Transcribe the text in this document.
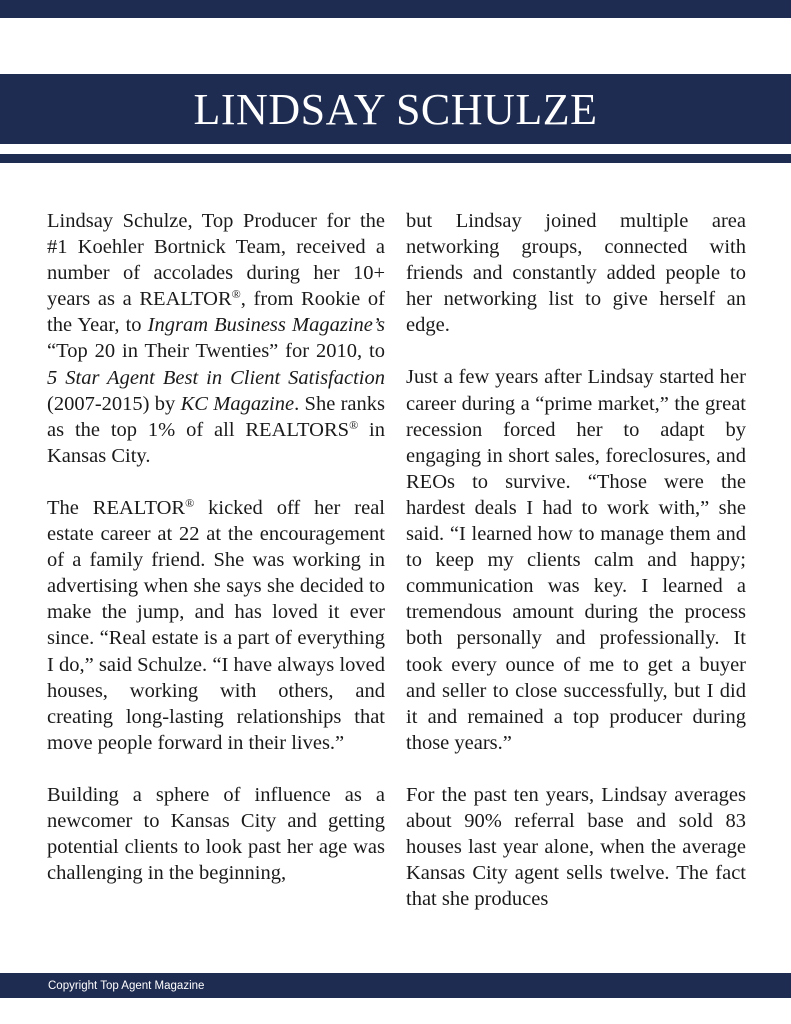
LINDSAY SCHULZE

Lindsay Schulze, Top Producer for the #1 Koehler Bortnick Team, received a number of accolades during her 10+ years as a REALTOR®, from Rookie of the Year, to Ingram Business Magazine’s “Top 20 in Their Twenties” for 2010, to 5 Star Agent Best in Client Satisfaction (2007-2015) by KC Magazine. She ranks as the top 1% of all REALTORS® in Kansas City.

The REALTOR® kicked off her real estate career at 22 at the encouragement of a family friend. She was working in advertising when she says she decided to make the jump, and has loved it ever since. “Real estate is a part of everything I do,” said Schulze. “I have always loved houses, working with others, and creating long-lasting relationships that move people forward in their lives.”

Building a sphere of influence as a newcomer to Kansas City and getting potential clients to look past her age was challenging in the beginning,

but Lindsay joined multiple area networking groups, connected with friends and constantly added people to her networking list to give herself an edge.

Just a few years after Lindsay started her career during a “prime market,” the great recession forced her to adapt by engaging in short sales, foreclosures, and REOs to survive. “Those were the hardest deals I had to work with,” she said. “I learned how to manage them and to keep my clients calm and happy; communication was key. I learned a tremendous amount during the process both personally and professionally. It took every ounce of me to get a buyer and seller to close successfully, but I did it and remained a top producer during those years.”

For the past ten years, Lindsay averages about 90% referral base and sold 83 houses last year alone, when the average Kansas City agent sells twelve. The fact that she produces

Copyright Top Agent Magazine
